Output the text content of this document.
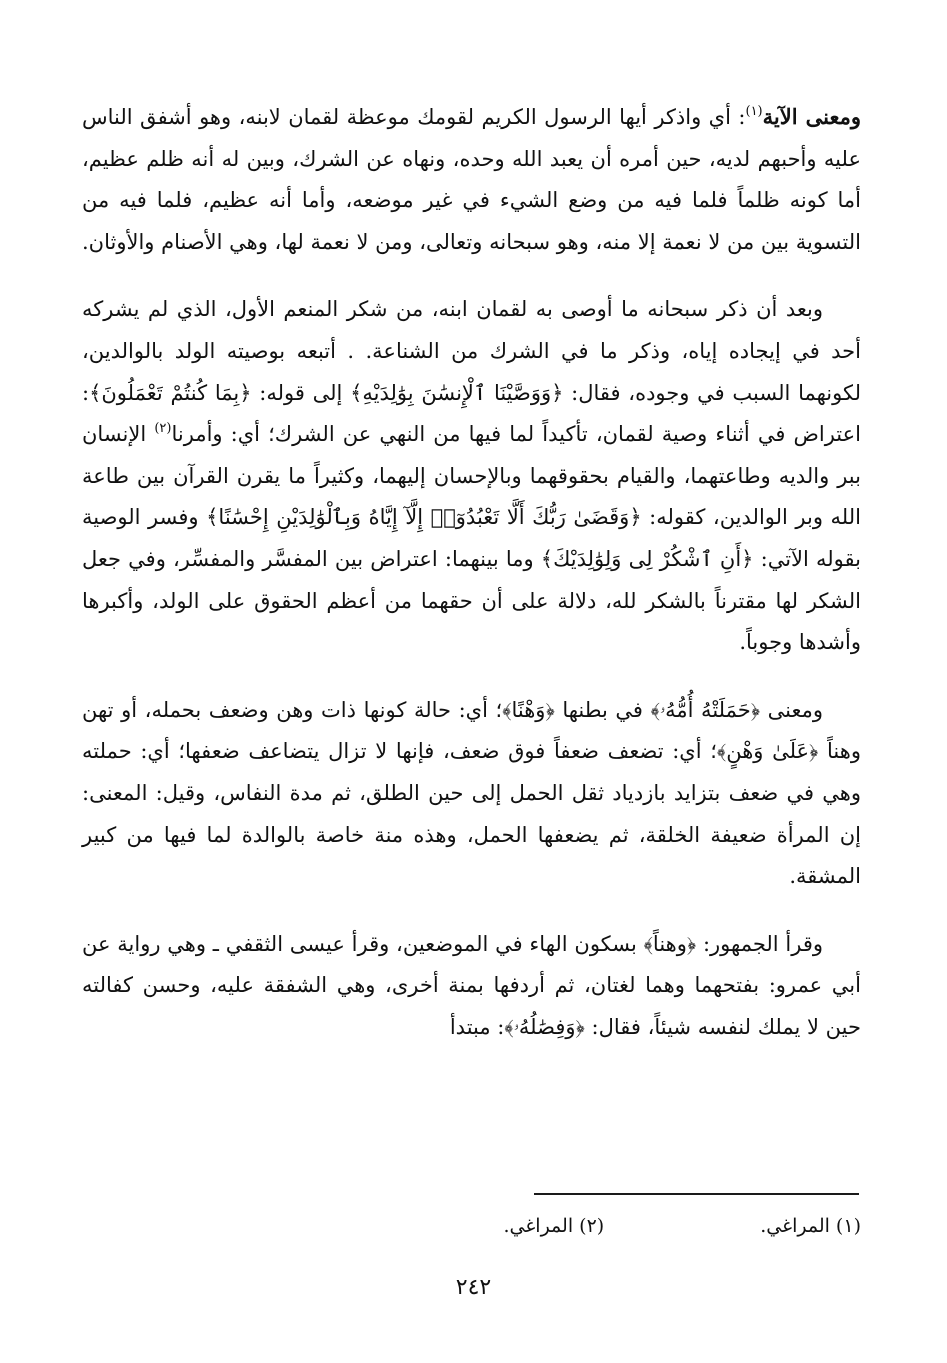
ومعنى الآية$^{(١)}$: أي واذكر أيها الرسول الكريم لقومك موعظة لقمان لابنه، وهو أشفق الناس عليه وأحبهم لديه، حين أمره أن يعبد الله وحده، ونهاه عن الشرك، وبين له أنه ظلم عظيم، أما كونه ظلماً فلما فيه من وضع الشيء في غير موضعه، وأما أنه عظيم، فلما فيه من التسوية بين من لا نعمة إلا منه، وهو سبحانه وتعالى، ومن لا نعمة لها، وهي الأصنام والأوثان.

وبعد أن ذكر سبحانه ما أوصى به لقمان ابنه، من شكر المنعم الأول، الذي لم يشركه أحد في إيجاده إياه، وذكر ما في الشرك من الشناعة. . أتبعه بوصيته الولد بالوالدين، لكونهما السبب في وجوده، فقال: ﴿وَوَصَّيْنَا ٱلْإِنسَٰنَ بِوَٰلِدَيْهِ﴾ إلى قوله: ﴿بِمَا كُنتُمْ تَعْمَلُونَ﴾: اعتراض في أثناء وصية لقمان، تأكيداً لما فيها من النهي عن الشرك؛ أي: وأمرنا$^{(٢)}$ الإنسان ببر والديه وطاعتهما، والقيام بحقوقهما وبالإحسان إليهما، وكثيراً ما يقرن القرآن بين طاعة الله وبر الوالدين، كقوله: ﴿وَقَضَىٰ رَبُّكَ أَلَّا تَعْبُدُوٓا۟ إِلَّآ إِيَّاهُ وَبِٱلْوَٰلِدَيْنِ إِحْسَٰنًا﴾ وفسر الوصية بقوله الآتي: ﴿أَنِ ٱشْكُرْ لِى وَلِوَٰلِدَيْكَ﴾ وما بينهما: اعتراض بين المفسَّر والمفسِّر، وفي جعل الشكر لها مقترناً بالشكر لله، دلالة على أن حقهما من أعظم الحقوق على الولد، وأكبرها وأشدها وجوباً.

ومعنى ﴿حَمَلَتْهُ أُمُّهُۥ﴾ في بطنها ﴿وَهْنًا﴾؛ أي: حالة كونها ذات وهن وضعف بحمله، أو تهن وهناً ﴿عَلَىٰ وَهْنٍ﴾؛ أي: تضعف ضعفاً فوق ضعف، فإنها لا تزال يتضاعف ضعفها؛ أي: حملته وهي في ضعف بتزايد بازدياد ثقل الحمل إلى حين الطلق، ثم مدة النفاس، وقيل: المعنى: إن المرأة ضعيفة الخلقة، ثم يضعفها الحمل، وهذه منة خاصة بالوالدة لما فيها من كبير المشقة.

وقرأ الجمهور: ﴿وهناً﴾ بسكون الهاء في الموضعين، وقرأ عيسى الثقفي ـ وهي رواية عن أبي عمرو: بفتحهما وهما لغتان، ثم أردفها بمنة أخرى، وهي الشفقة عليه، وحسن كفالته حين لا يملك لنفسه شيئاً، فقال: ﴿وَفِصَٰلُهُۥ﴾: مبتدأ

(١) المراغي. (٢) المراغي.
٢٤٢
